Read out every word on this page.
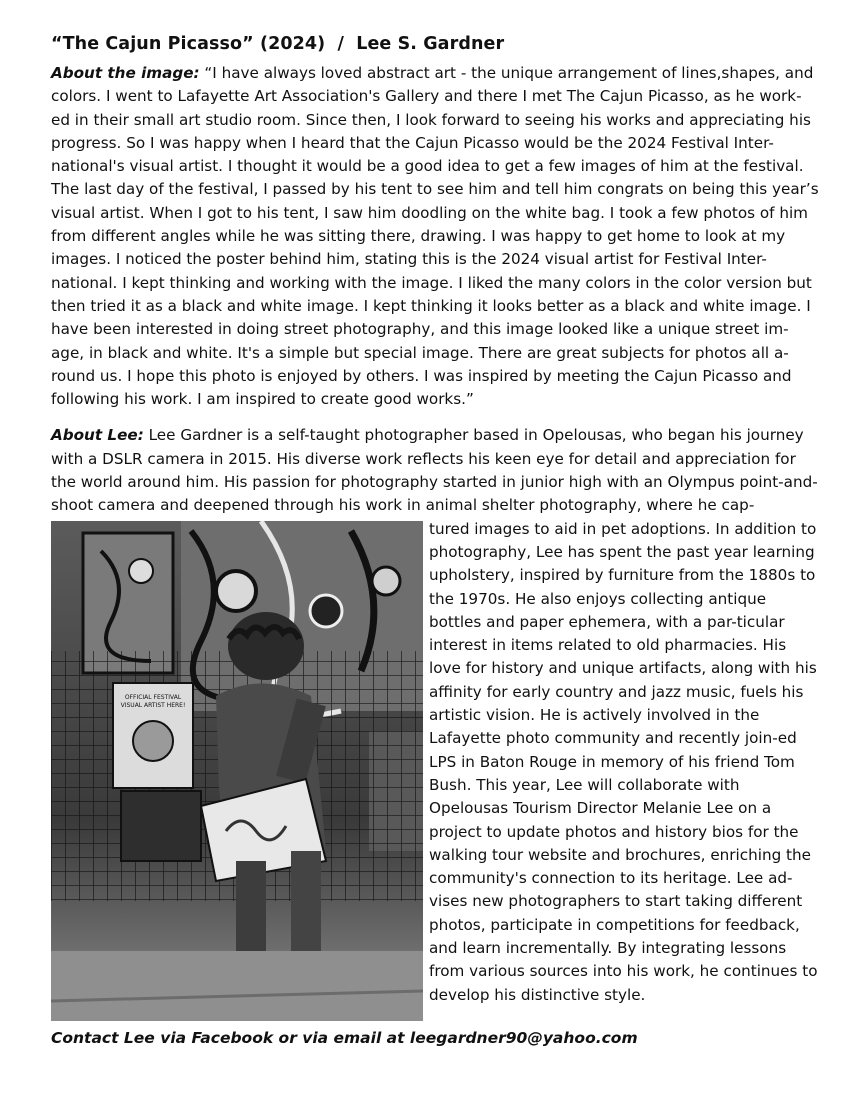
“The Cajun Picasso” (2024) / Lee S. Gardner

About the image: “I have always loved abstract art - the unique arrangement of lines,shapes, and colors. I went to Lafayette Art Association's Gallery and there I met The Cajun Picasso, as he work-ed in their small art studio room. Since then, I look forward to seeing his works and appreciating his progress. So I was happy when I heard that the Cajun Picasso would be the 2024 Festival Inter-national's visual artist. I thought it would be a good idea to get a few images of him at the festival. The last day of the festival, I passed by his tent to see him and tell him congrats on being this year’s visual artist. When I got to his tent, I saw him doodling on the white bag. I took a few photos of him from different angles while he was sitting there, drawing. I was happy to get home to look at my images. I noticed the poster behind him, stating this is the 2024 visual artist for Festival Inter-national. I kept thinking and working with the image. I liked the many colors in the color version but then tried it as a black and white image. I kept thinking it looks better as a black and white image. I have been interested in doing street photography, and this image looked like a unique street im-age, in black and white. It's a simple but special image. There are great subjects for photos all a-round us. I hope this photo is enjoyed by others. I was inspired by meeting the Cajun Picasso and following his work. I am inspired to create good works.”

About Lee: Lee Gardner is a self-taught photographer based in Opelousas, who began his journey with a DSLR camera in 2015. His diverse work reflects his keen eye for detail and appreciation for the world around him. His passion for photography started in junior high with an Olympus point-and-shoot camera and deepened through his work in animal shelter photography, where he cap-

OFFICIAL FESTIVAL
VISUAL ARTIST HERE!

tured images to aid in pet adoptions. In addition to photography, Lee has spent the past year learning upholstery, inspired by furniture from the 1880s to the 1970s. He also enjoys collecting antique bottles and paper ephemera, with a par-ticular interest in items related to old pharmacies. His love for history and unique artifacts, along with his affinity for early country and jazz music, fuels his artistic vision. He is actively involved in the Lafayette photo community and recently join-ed LPS in Baton Rouge in memory of his friend Tom Bush. This year, Lee will collaborate with Opelousas Tourism Director Melanie Lee on a project to update photos and history bios for the walking tour website and brochures, enriching the community's connection to its heritage. Lee ad-vises new photographers to start taking different photos, participate in competitions for feedback, and learn incrementally. By integrating lessons from various sources into his work, he continues to develop his distinctive style.

Contact Lee via Facebook or via email at leegardner90@yahoo.com
